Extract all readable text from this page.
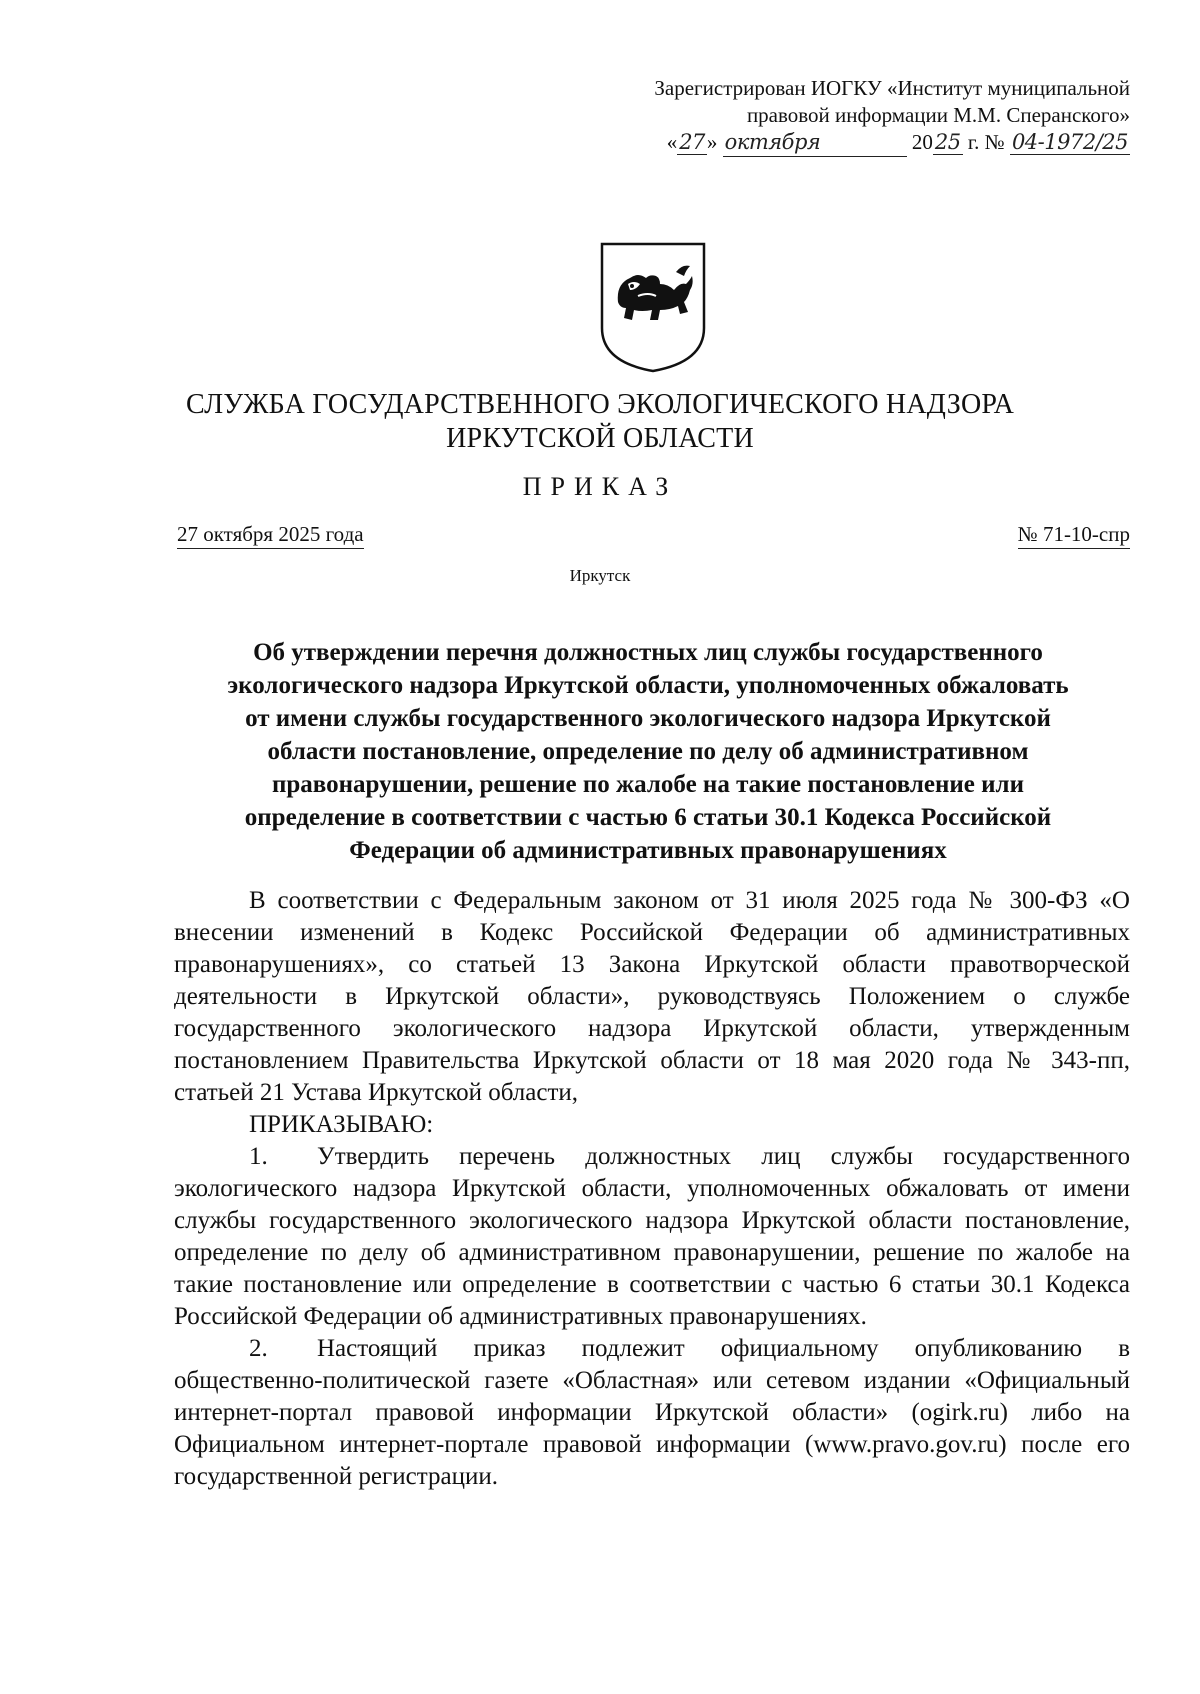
Зарегистрирован ИОГКУ «Институт муниципальной
правовой информации М.М. Сперанского»
«27» октября	2025 г. № 04-1972/25
СЛУЖБА ГОСУДАРСТВЕННОГО ЭКОЛОГИЧЕСКОГО НАДЗОРА
ИРКУТСКОЙ ОБЛАСТИ
ПРИКАЗ
27 октября 2025 года	№ 71-10-спр
Иркутск
Об утверждении перечня должностных лиц службы государственного
экологического надзора Иркутской области, уполномоченных обжаловать
от имени службы государственного экологического надзора Иркутской
области постановление, определение по делу об административном
правонарушении, решение по жалобе на такие постановление или
определение в соответствии с частью 6 статьи 30.1 Кодекса Российской
Федерации об административных правонарушениях

В соответствии с Федеральным законом от 31 июля 2025 года № 300-ФЗ «О внесении изменений в Кодекс Российской Федерации об административных правонарушениях», со статьей 13 Закона Иркутской области правотворческой деятельности в Иркутской области», руководствуясь Положением о службе государственного экологического надзора Иркутской области, утвержденным постановлением Правительства Иркутской области от 18 мая 2020 года № 343-пп, статьей 21 Устава Иркутской области,

ПРИКАЗЫВАЮ:

1. Утвердить перечень должностных лиц службы государственного экологического надзора Иркутской области, уполномоченных обжаловать от имени службы государственного экологического надзора Иркутской области постановление, определение по делу об административном правонарушении, решение по жалобе на такие постановление или определение в соответствии с частью 6 статьи 30.1 Кодекса Российской Федерации об административных правонарушениях.

2. Настоящий приказ подлежит официальному опубликованию в общественно-политической газете «Областная» или сетевом издании «Официальный интернет-портал правовой информации Иркутской области» (ogirk.ru) либо на Официальном интернет-портале правовой информации (www.pravo.gov.ru) после его государственной регистрации.
